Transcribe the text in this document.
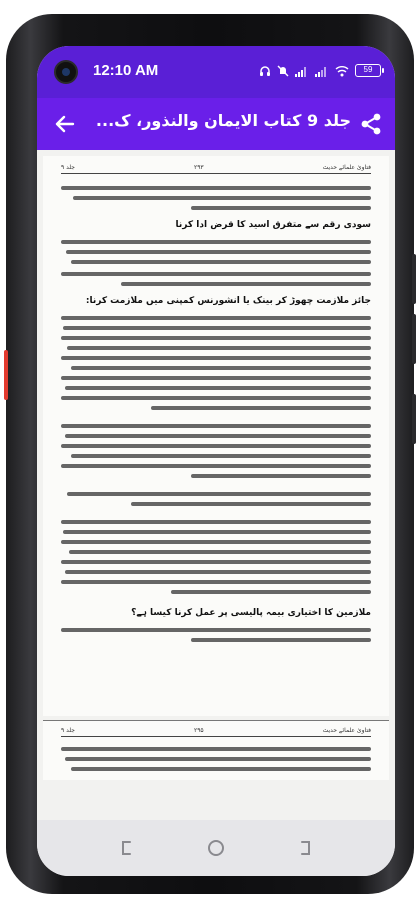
12:10 AM	59
جلد 9 کتاب الایمان والنذور، ک...
فتاویٰ علمائے حدیث
۲۹۳
جلد ۹
سودی رقم سے متفرق اسید کا قرض ادا کرنا
جائز ملازمت چھوڑ کر بینک یا انشورنس کمپنی میں ملازمت کرنا:
ملازمین کا اختیاری بیمہ پالیسی پر عمل کرنا کیسا ہے؟
فتاویٰ علمائے حدیث
۲۹۵
جلد ۹
